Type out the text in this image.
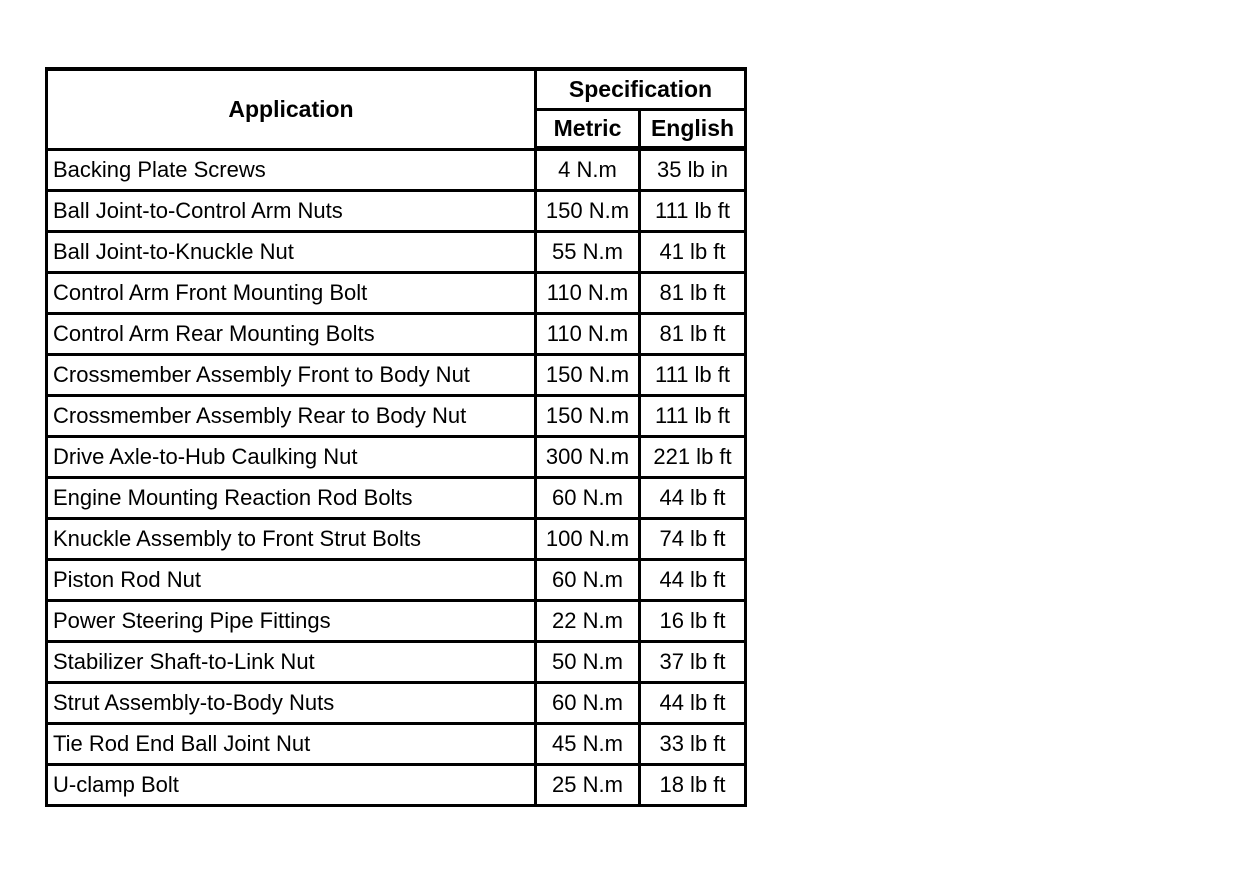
Application	Specification	
	Metric	English
Backing Plate Screws	4 N.m	35 lb in
Ball Joint-to-Control Arm Nuts	150 N.m	111 lb ft
Ball Joint-to-Knuckle Nut	55 N.m	41 lb ft
Control Arm Front Mounting Bolt	110 N.m	81 lb ft
Control Arm Rear Mounting Bolts	110 N.m	81 lb ft
Crossmember Assembly Front to Body Nut	150 N.m	111 lb ft
Crossmember Assembly Rear to Body Nut	150 N.m	111 lb ft
Drive Axle-to-Hub Caulking Nut	300 N.m	221 lb ft
Engine Mounting Reaction Rod Bolts	60 N.m	44 lb ft
Knuckle Assembly to Front Strut Bolts	100 N.m	74 lb ft
Piston Rod Nut	60 N.m	44 lb ft
Power Steering Pipe Fittings	22 N.m	16 lb ft
Stabilizer Shaft-to-Link Nut	50 N.m	37 lb ft
Strut Assembly-to-Body Nuts	60 N.m	44 lb ft
Tie Rod End Ball Joint Nut	45 N.m	33 lb ft
U-clamp Bolt	25 N.m	18 lb ft
